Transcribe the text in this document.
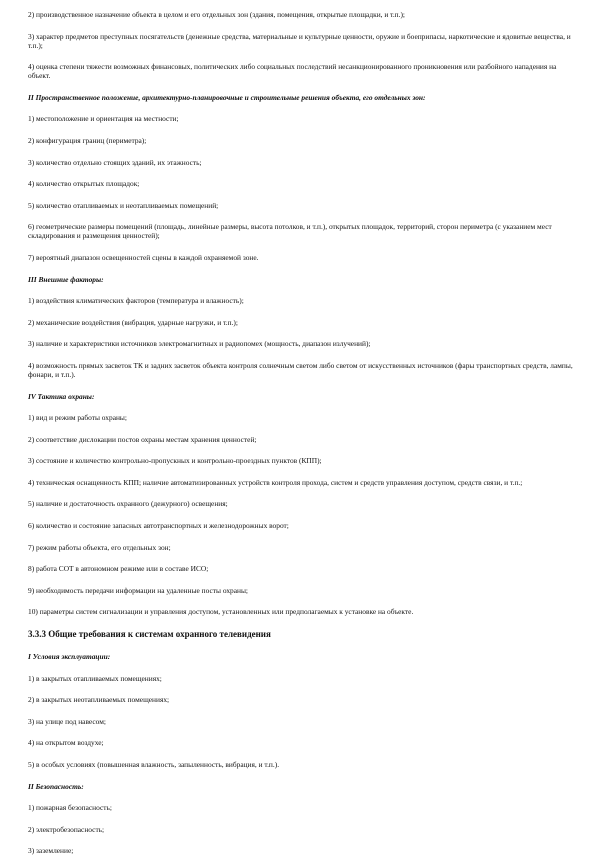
2) производственное назначение объекта в целом и его отдельных зон (здания, помещения, открытые площадки, и т.п.);
3) характер предметов преступных посягательств (денежные средства, материальные и культурные ценности, оружие и боеприпасы, наркотические и ядовитые вещества, и т.п.);
4) оценка степени тяжести возможных финансовых, политических либо социальных последствий несанкционированного проникновения или разбойного нападения на объект.
II Пространственное положение, архитектурно-планировочные и строительные решения объекта, его отдельных зон:
1) местоположение и ориентация на местности;
2) конфигурация границ (периметра);
3) количество отдельно стоящих зданий, их этажность;
4) количество открытых площадок;
5) количество отапливаемых и неотапливаемых помещений;
6) геометрические размеры помещений (площадь, линейные размеры, высота потолков, и т.п.), открытых площадок, территорий, сторон периметра (с указанием мест складирования и размещения ценностей);
7) вероятный диапазон освещенностей сцены в каждой охраняемой зоне.
III Внешние факторы:
1) воздействия климатических факторов (температура и влажность);
2) механические воздействия (вибрация, ударные нагрузки, и т.п.);
3) наличие и характеристики источников электромагнитных и радиопомех (мощность, диапазон излучений);
4) возможность прямых засветок ТК и задних засветок объекта контроля солнечным светом либо светом от искусственных источников (фары транспортных средств, лампы, фонари, и т.п.).
IV Тактика охраны:
1) вид и режим работы охраны;
2) соответствие дислокации постов охраны местам хранения ценностей;
3) состояние и количество контрольно-пропускных и контрольно-проездных пунктов (КПП);
4) техническая оснащенность КПП; наличие автоматизированных устройств контроля прохода, систем и средств управления доступом, средств связи, и т.п.;
5) наличие и достаточность охранного (дежурного) освещения;
6) количество и состояние запасных автотранспортных и железнодорожных ворот;
7) режим работы объекта, его отдельных зон;
8) работа СОТ в автономном режиме или в составе ИСО;
9) необходимость передачи информации на удаленные посты охраны;
10) параметры систем сигнализации и управления доступом, установленных или предполагаемых к установке на объекте.
3.3.3 Общие требования к системам охранного телевидения
I Условия эксплуатации:
1) в закрытых отапливаемых помещениях;
2) в закрытых неотапливаемых помещениях;
3) на улице под навесом;
4) на открытом воздухе;
5) в особых условиях (повышенная влажность, запыленность, вибрация, и т.п.).
II Безопасность:
1) пожарная безопасность;
2) электробезопасность;
3) заземление;
